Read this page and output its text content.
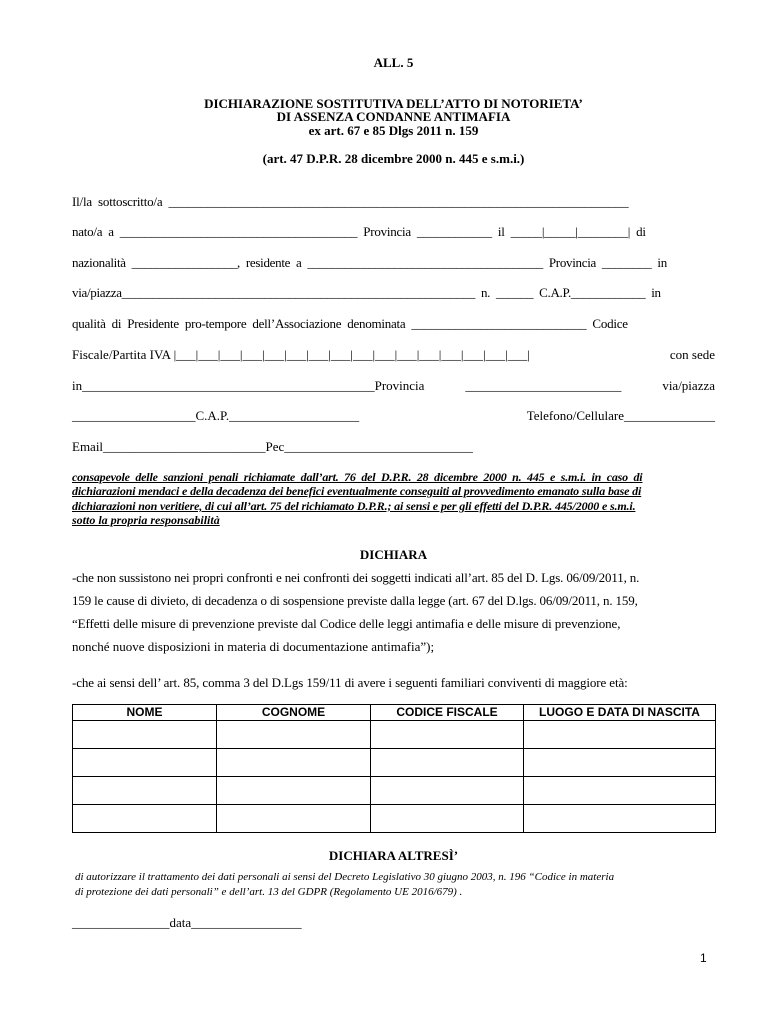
ALL. 5
DICHIARAZIONE SOSTITUTIVA DELL’ATTO DI NOTORIETA’
DI ASSENZA CONDANNE ANTIMAFIA
ex art. 67 e 85 Dlgs 2011 n. 159
(art. 47 D.P.R. 28 dicembre 2000 n. 445 e s.m.i.)
Il/la  sottoscritto/a  _________________________________________________________________________
nato/a  a  ______________________________________  Provincia  ____________  il  _____|_____|________|  di
nazionalità  _________________,  residente  a  ______________________________________  Provincia  ________  in
via/piazza_________________________________________________________  n.  ______  C.A.P.____________  in
qualità  di  Presidente  pro-tempore  dell’Associazione  denominata  ____________________________  Codice
Fiscale/Partita IVA |___|___|___|___|___|___|___|___|___|___|___|___|___|___|___|___|	con sede
in_____________________________________________Provincia	________________________	via/piazza
___________________C.A.P.____________________	Telefono/Cellulare______________
Email_________________________Pec_____________________________
consapevole  delle  sanzioni  penali  richiamate  dall’art.  76  del  D.P.R.  28  dicembre  2000  n.  445  e  s.m.i.  in  caso  di
dichiarazioni mendaci e della decadenza dei benefici eventualmente conseguiti al provvedimento emanato sulla base di
dichiarazioni non veritiere, di cui all’art. 75 del richiamato D.P.R.; ai sensi e per gli effetti del D.P.R. 445/2000 e s.m.i.
sotto la propria responsabilità
DICHIARA
-che non sussistono nei propri confronti e nei confronti dei soggetti indicati all’art. 85 del D. Lgs. 06/09/2011, n.
159 le cause di divieto, di decadenza o di sospensione previste dalla legge (art. 67 del D.lgs. 06/09/2011, n. 159,
“Effetti delle misure di prevenzione previste dal Codice delle leggi antimafia e delle misure di prevenzione,
nonché nuove disposizioni in materia di documentazione antimafia”);
-che ai sensi dell’ art. 85, comma 3 del D.Lgs 159/11 di avere i seguenti familiari conviventi di maggiore età:
NOME	COGNOME	CODICE FISCALE	LUOGO E DATA DI NASCITA

DICHIARA ALTRESÌ’
di autorizzare il trattamento dei dati personali ai sensi del Decreto Legislativo 30 giugno 2003, n. 196 “Codice in materia
di protezione dei dati personali” e dell’art. 13 del GDPR (Regolamento UE 2016/679) .
_______________data_________________
1
